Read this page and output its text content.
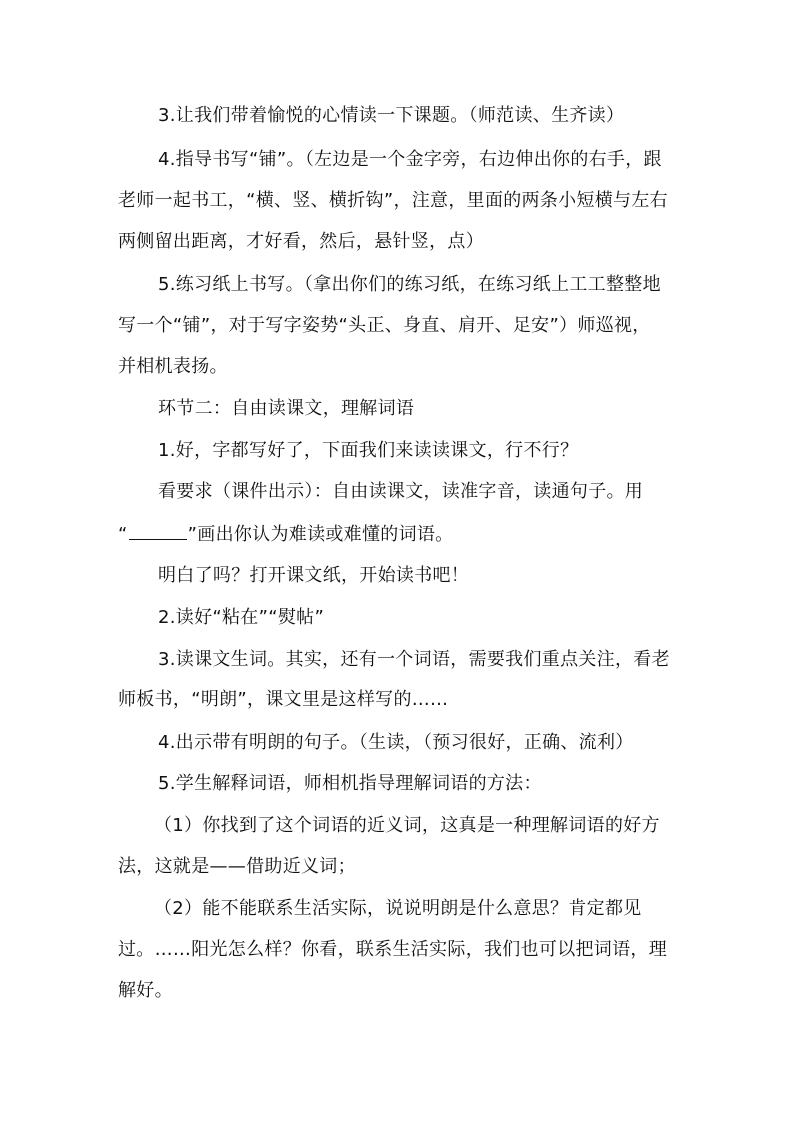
3.让我们带着愉悦的心情读一下课题。（师范读、生齐读）
4.指导书写“铺”。（左边是一个金字旁，右边伸出你的右手，跟
老师一起书工，“横、竖、横折钩”，注意，里面的两条小短横与左右
两侧留出距离，才好看，然后，悬针竖，点）
5.练习纸上书写。（拿出你们的练习纸，在练习纸上工工整整地
写一个“铺”，对于写字姿势“头正、身直、肩开、足安”）师巡视，
并相机表扬。
环节二：自由读课文，理解词语
1.好，字都写好了，下面我们来读读课文，行不行？
看要求（课件出示）：自由读课文，读准字音，读通句子。用
“	”画出你认为难读或难懂的词语。
明白了吗？打开课文纸，开始读书吧！
2.读好“粘在”“熨帖”
3.读课文生词。其实，还有一个词语，需要我们重点关注，看老
师板书，“明朗”，课文里是这样写的……
4.出示带有明朗的句子。（生读，（预习很好，正确、流利）
5.学生解释词语，师相机指导理解词语的方法：
（1）你找到了这个词语的近义词，这真是一种理解词语的好方
法，这就是——借助近义词；
（2）能不能联系生活实际，说说明朗是什么意思？肯定都见
过。……阳光怎么样？你看，联系生活实际，我们也可以把词语，理
解好。
